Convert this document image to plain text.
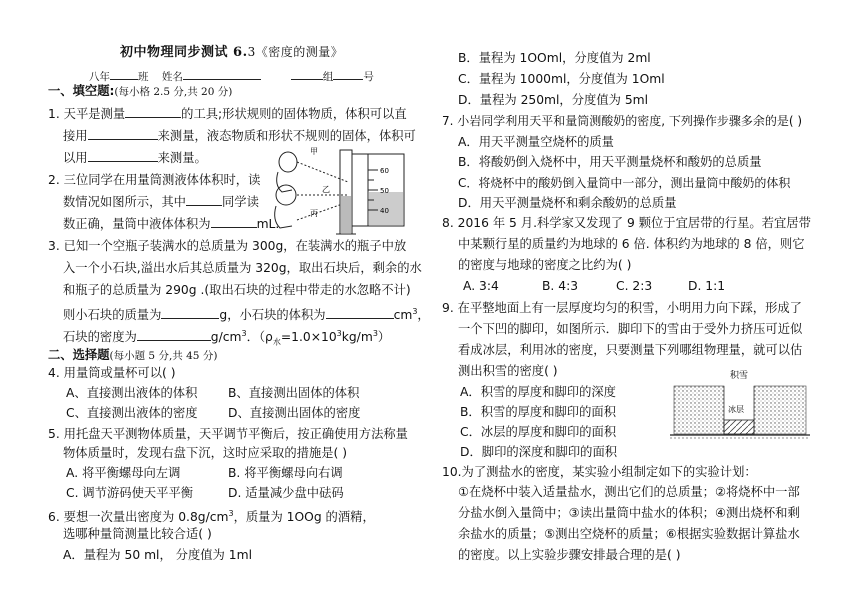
初中物理同步测试 6.3《密度的测量》
八年	班 姓名	组	号
一、填空题:(每小格 2.5 分,共 20 分)
1. 天平是测量	的工具;形状规则的固体物质，体积可以直
接用	来测量，液态物质和形状不规则的固体，体积可
以用	来测量。
2. 三位同学在用量筒测液体体积时，读
数情况如图所示，其中	同学读
数正确，量筒中液体体积为	mL.
甲
乙
丙
60
50
40
3. 已知一个空瓶子装满水的总质量为 300g，在装满水的瓶子中放
入一个小石块,溢出水后其总质量为 320g，取出石块后，剩余的水
和瓶子的总质量为 290g .(取出石块的过程中带走的水忽略不计)
则小石块的质量为	g，小石块的体积为	$cm^3$，
石块的密度为	$g/cm^3$．$(\rho_水=1.0\times 10^3kg/m^3)$
二、选择题(每小题 5 分,共 45 分)
4. 用量筒或量杯可以( )
A、直接测出液体的体积 B、直接测出固体的体积
C、直接测出液体的密度 D、直接测出固体的密度
5. 用托盘天平测物体质量，天平调节平衡后，按正确使用方法称量
物体质量时，发现右盘下沉，这时应采取的措施是( )
A. 将平衡螺母向左调	B. 将平衡螺母向右调
C. 调节游码使天平平衡	D. 适量减少盘中砝码
6. 要想一次量出密度为 $0.8g/cm^3$，质量为 1OOg 的酒精，
选哪种量筒测量比较合适( )
A．量程为 50 ml， 分度值为 1ml
B．量程为 1OOml，分度值为 2ml
C．量程为 1000ml，分度值为 1Oml
D．量程为 250ml，分度值为 5ml
7. 小岩同学利用天平和量筒测酸奶的密度, 下列操作步骤多余的是( )
A．用天平测量空烧杯的质量
B．将酸奶倒入烧杯中，用天平测量烧杯和酸奶的总质量
C．将烧杯中的酸奶倒入量筒中一部分，测出量筒中酸奶的体积
D．用天平测量烧杯和剩余酸奶的总质量
8. 2016 年 5 月.科学家又发现了 9 颗位于宜居带的行星。若宜居带
中某颗行星的质量约为地球的 6 倍. 体积约为地球的 8 倍，则它
的密度与地球的密度之比约为( )
A. 3:4	B. 4:3	C. 2:3	D. 1:1
9. 在平整地面上有一层厚度均匀的积雪，小明用力向下踩，形成了
一个下凹的脚印，如图所示．脚印下的雪由于受外力挤压可近似
看成冰层，利用冰的密度，只要测量下列哪组物理量，就可以估
测出积雪的密度( )
A．积雪的厚度和脚印的深度
B．积雪的厚度和脚印的面积
C．冰层的厚度和脚印的面积
D．脚印的深度和脚印的面积
积雪
冰层
10.为了测盐水的密度，某实验小组制定如下的实验计划：
①在烧杯中装入适量盐水，测出它们的总质量；②将烧杯中一部
分盐水倒入量筒中；③读出量筒中盐水的体积；④测出烧杯和剩
余盐水的质量；⑤测出空烧杯的质量；⑥根据实验数据计算盐水
的密度。以上实验步骤安排最合理的是( )
